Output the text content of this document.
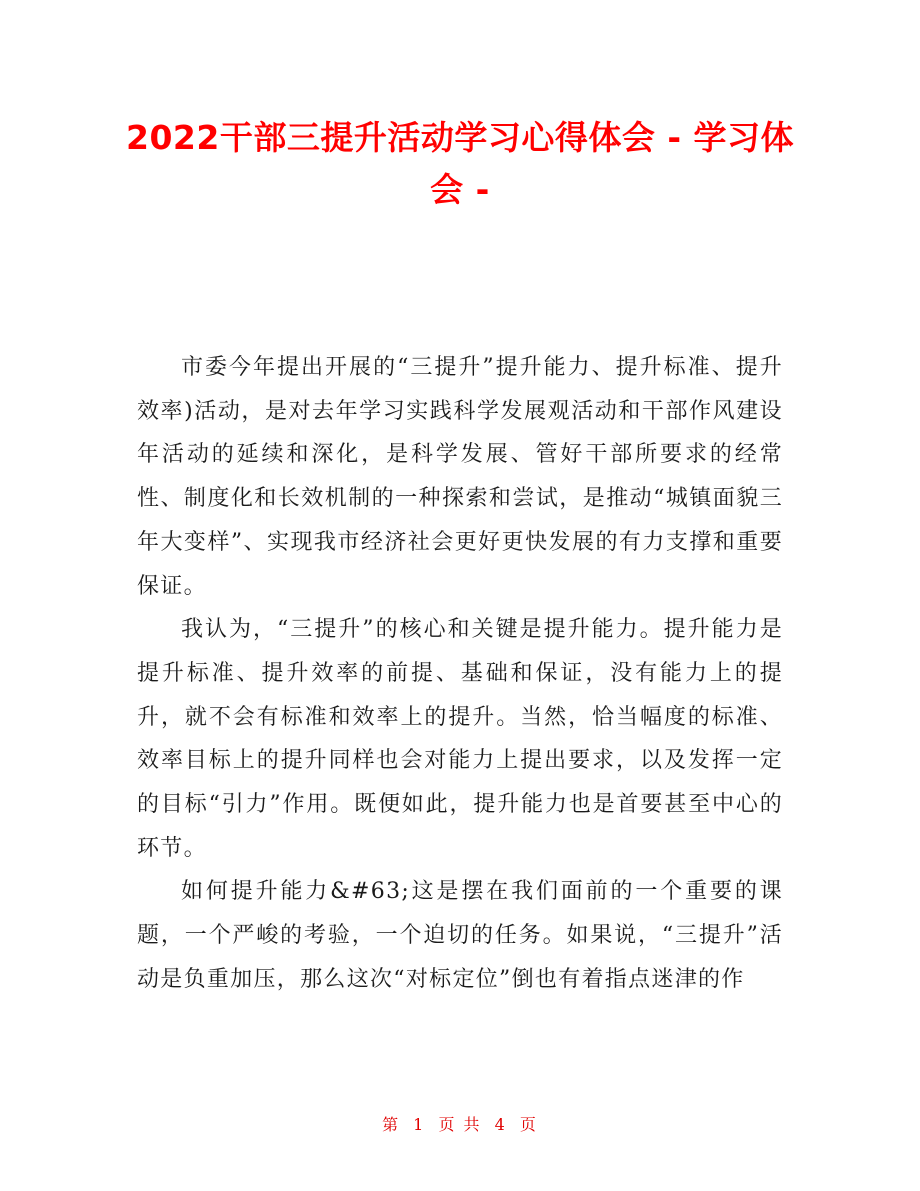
2022干部三提升活动学习心得体会 - 学习体会 -

市委今年提出开展的“三提升”提升能力、提升标准、提升效率)活动，是对去年学习实践科学发展观活动和干部作风建设年活动的延续和深化，是科学发展、管好干部所要求的经常性、制度化和长效机制的一种探索和尝试，是推动“城镇面貌三年大变样”、实现我市经济社会更好更快发展的有力支撑和重要保证。

我认为，“三提升”的核心和关键是提升能力。提升能力是提升标准、提升效率的前提、基础和保证，没有能力上的提升，就不会有标准和效率上的提升。当然，恰当幅度的标准、效率目标上的提升同样也会对能力上提出要求，以及发挥一定的目标“引力”作用。既便如此，提升能力也是首要甚至中心的环节。

如何提升能力&#63;这是摆在我们面前的一个重要的课题，一个严峻的考验，一个迫切的任务。如果说，“三提升”活动是负重加压，那么这次“对标定位”倒也有着指点迷津的作

第 1 页 共 4 页
